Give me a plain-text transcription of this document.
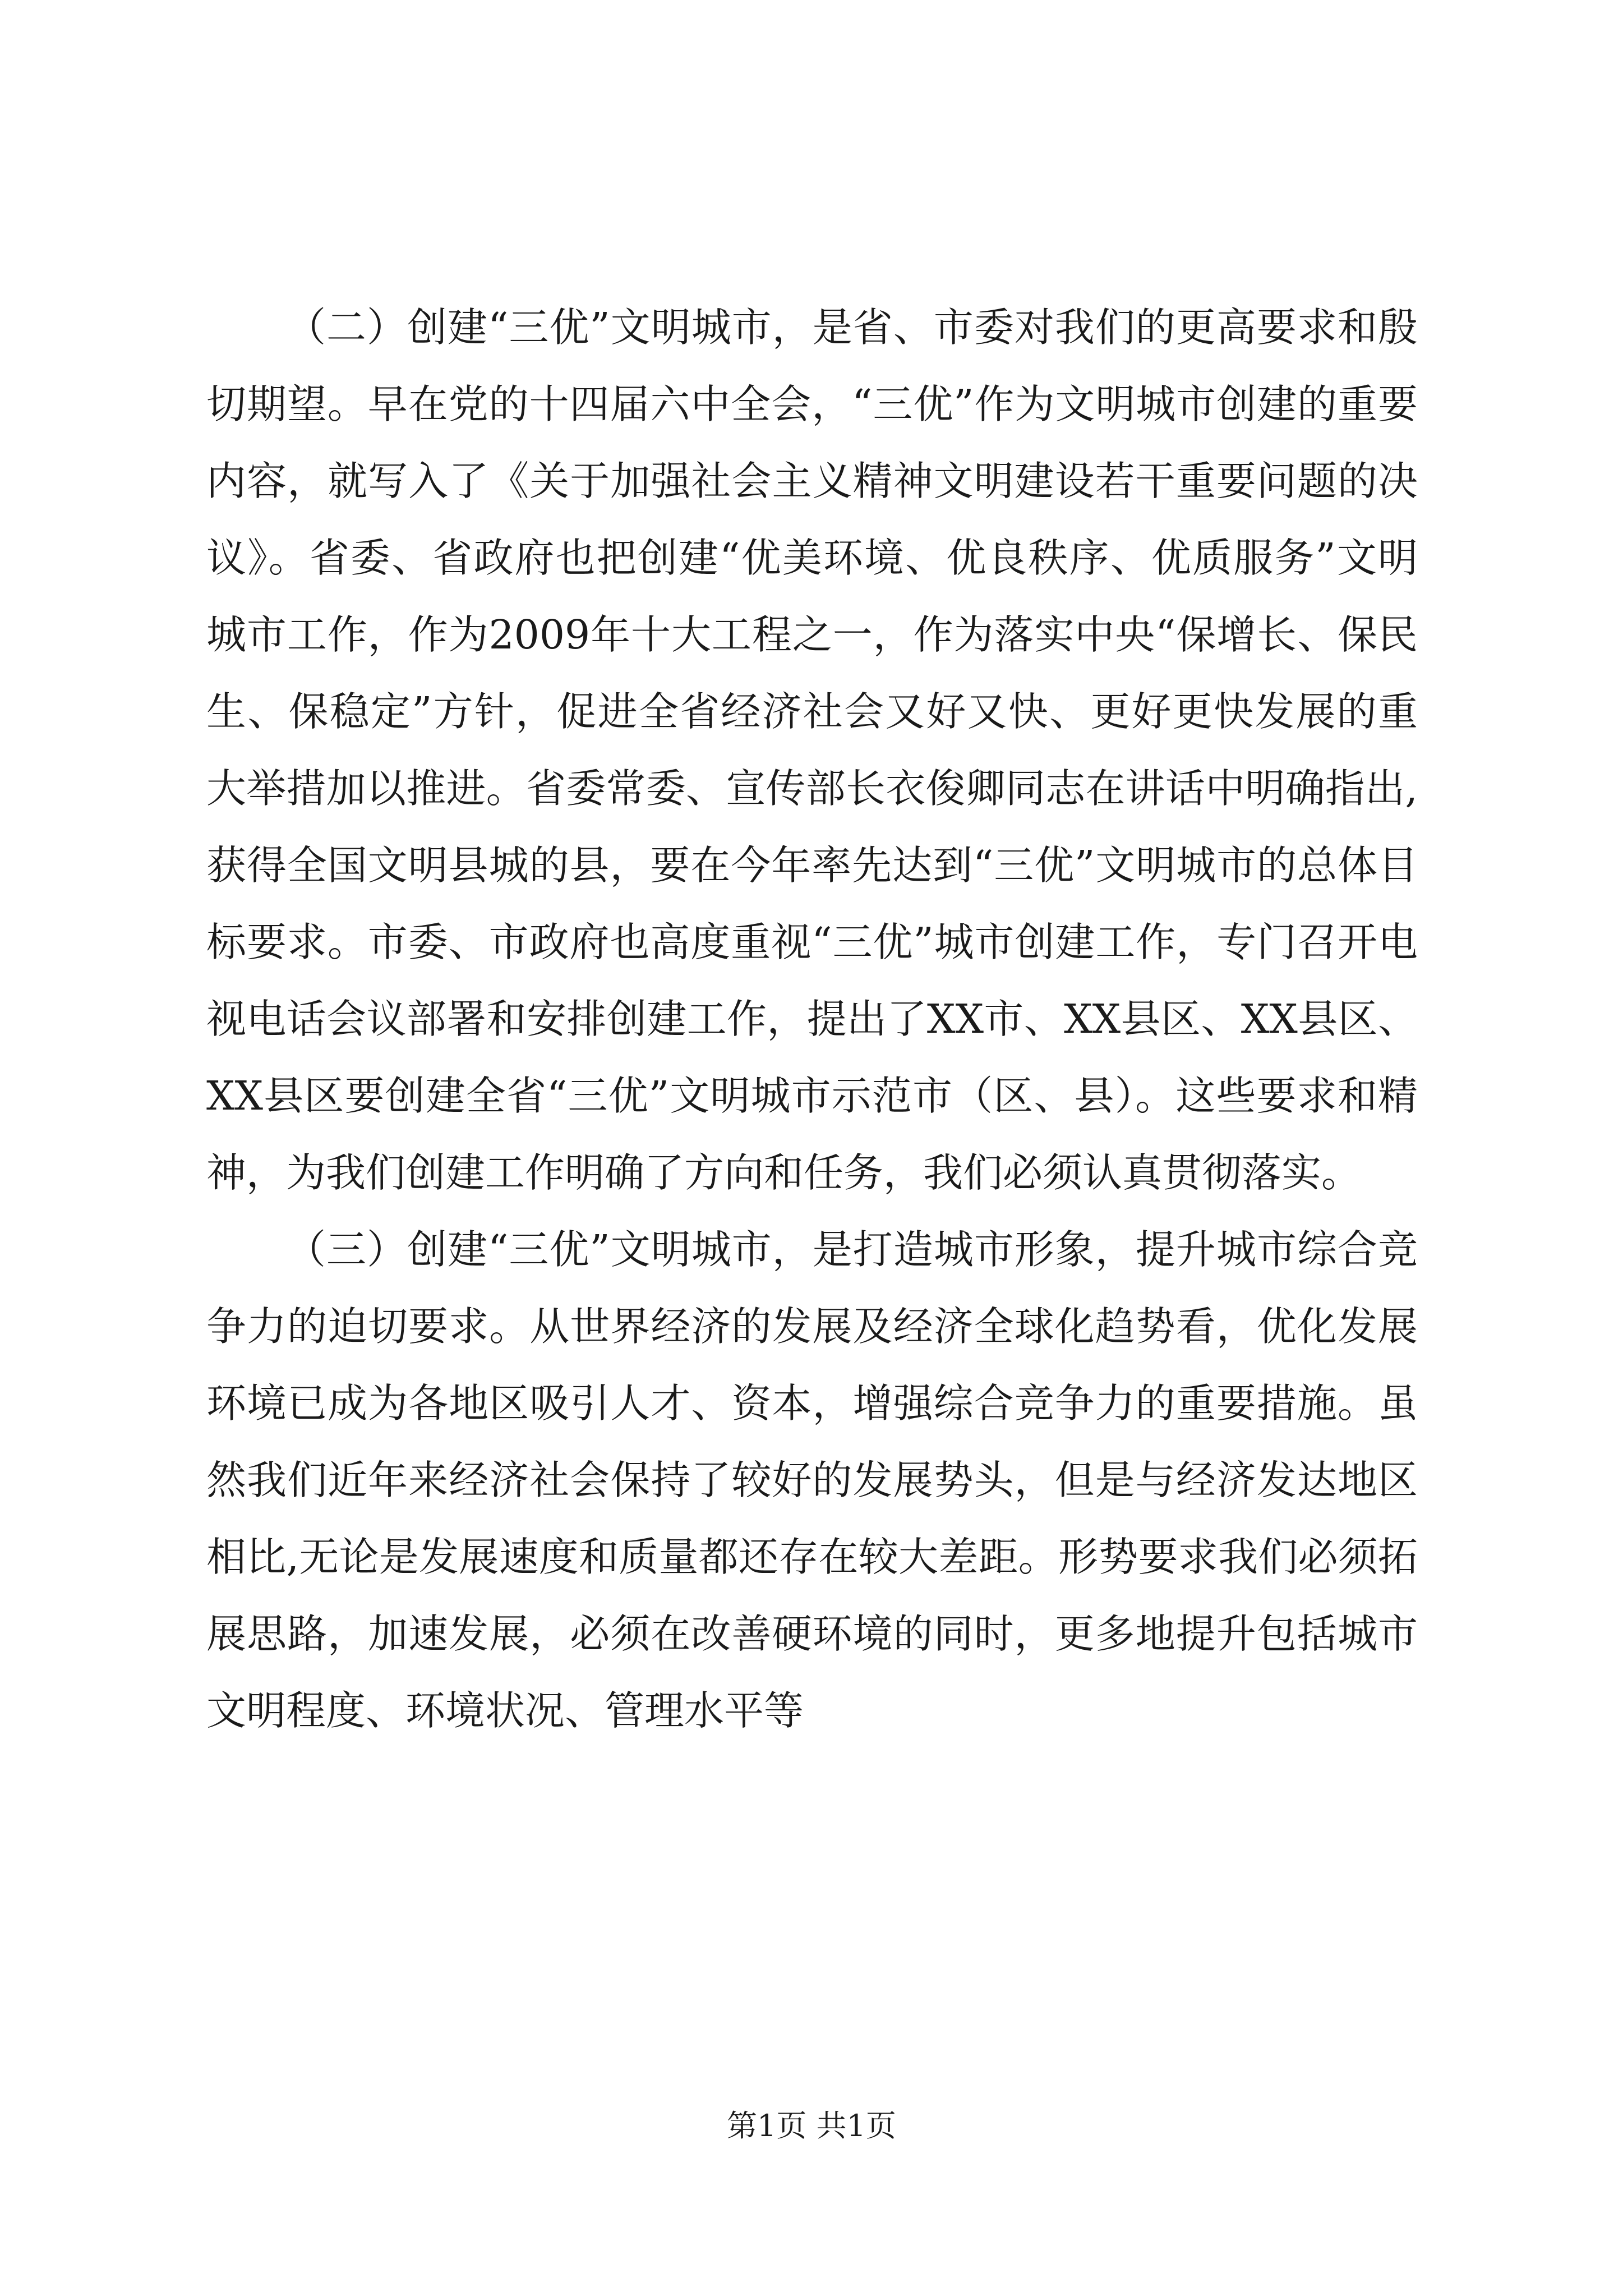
（二）创建“三优”文明城市，是省、市委对我们的更高要求和殷切期望。早在党的十四届六中全会，“三优”作为文明城市创建的重要内容，就写入了《关于加强社会主义精神文明建设若干重要问题的决议》。省委、省政府也把创建“优美环境、优良秩序、优质服务”文明城市工作，作为2009年十大工程之一，作为落实中央“保增长、保民生、保稳定”方针，促进全省经济社会又好又快、更好更快发展的重大举措加以推进。省委常委、宣传部长衣俊卿同志在讲话中明确指出,获得全国文明县城的县，要在今年率先达到“三优”文明城市的总体目标要求。市委、市政府也高度重视“三优”城市创建工作，专门召开电视电话会议部署和安排创建工作，提出了XX市、XX县区、XX县区、XX县区要创建全省“三优”文明城市示范市（区、县）。这些要求和精神，为我们创建工作明确了方向和任务，我们必须认真贯彻落实。

（三）创建“三优”文明城市，是打造城市形象，提升城市综合竞争力的迫切要求。从世界经济的发展及经济全球化趋势看，优化发展环境已成为各地区吸引人才、资本，增强综合竞争力的重要措施。虽然我们近年来经济社会保持了较好的发展势头，但是与经济发达地区相比,无论是发展速度和质量都还存在较大差距。形势要求我们必须拓展思路，加速发展，必须在改善硬环境的同时，更多地提升包括城市文明程度、环境状况、管理水平等

第1页 共1页
